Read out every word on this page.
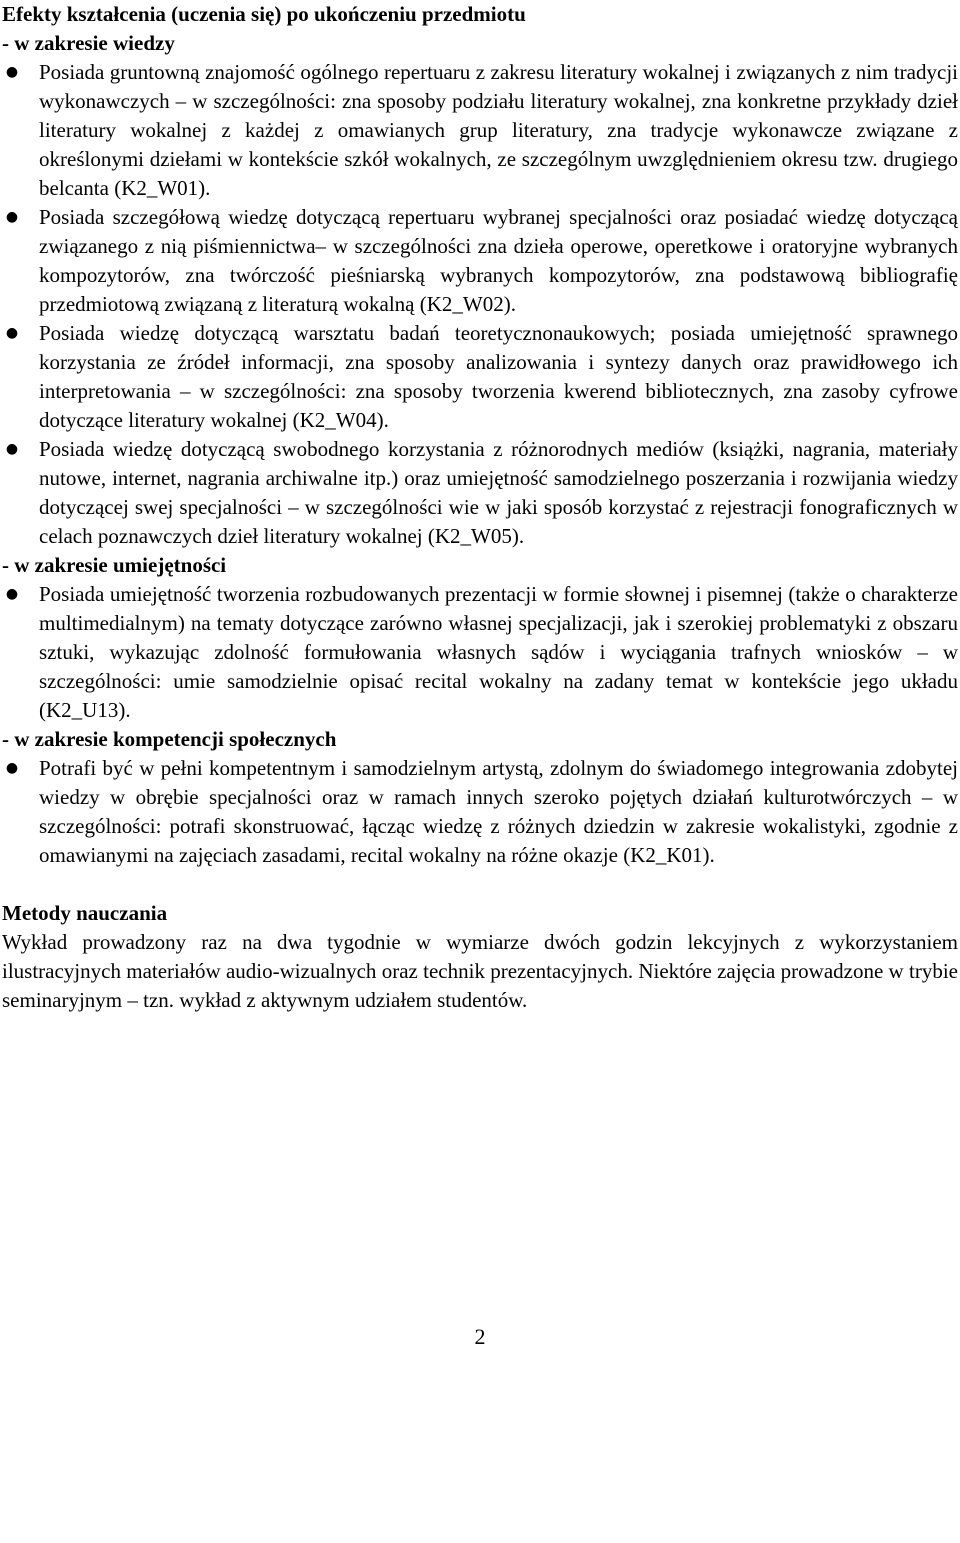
Efekty kształcenia (uczenia się) po ukończeniu przedmiotu
- w zakresie wiedzy
● Posiada gruntowną znajomość ogólnego repertuaru z zakresu literatury wokalnej i związanych z nim tradycji wykonawczych – w szczególności: zna sposoby podziału literatury wokalnej, zna konkretne przykłady dzieł literatury wokalnej z każdej z omawianych grup literatury, zna tradycje wykonawcze związane z określonymi dziełami w kontekście szkół wokalnych, ze szczególnym uwzględnieniem okresu tzw. drugiego belcanta (K2_W01).
● Posiada szczegółową wiedzę dotyczącą repertuaru wybranej specjalności oraz posiadać wiedzę dotyczącą związanego z nią piśmiennictwa– w szczególności zna dzieła operowe, operetkowe i oratoryjne wybranych kompozytorów, zna twórczość pieśniarską wybranych kompozytorów, zna podstawową bibliografię przedmiotową związaną z literaturą wokalną (K2_W02).
● Posiada wiedzę dotyczącą warsztatu badań teoretycznonaukowych; posiada umiejętność sprawnego korzystania ze źródeł informacji, zna sposoby analizowania i syntezy danych oraz prawidłowego ich interpretowania – w szczególności: zna sposoby tworzenia kwerend bibliotecznych, zna zasoby cyfrowe dotyczące literatury wokalnej (K2_W04).
● Posiada wiedzę dotyczącą swobodnego korzystania z różnorodnych mediów (książki, nagrania, materiały nutowe, internet, nagrania archiwalne itp.) oraz umiejętność samodzielnego poszerzania i rozwijania wiedzy dotyczącej swej specjalności – w szczególności wie w jaki sposób korzystać z rejestracji fonograficznych w celach poznawczych dzieł literatury wokalnej (K2_W05).
- w zakresie umiejętności
● Posiada umiejętność tworzenia rozbudowanych prezentacji w formie słownej i pisemnej (także o charakterze multimedialnym) na tematy dotyczące zarówno własnej specjalizacji, jak i szerokiej problematyki z obszaru sztuki, wykazując zdolność formułowania własnych sądów i wyciągania trafnych wniosków – w szczególności: umie samodzielnie opisać recital wokalny na zadany temat w kontekście jego układu (K2_U13).
- w zakresie kompetencji społecznych
● Potrafi być w pełni kompetentnym i samodzielnym artystą, zdolnym do świadomego integrowania zdobytej wiedzy w obrębie specjalności oraz w ramach innych szeroko pojętych działań kulturotwórczych – w szczególności: potrafi skonstruować, łącząc wiedzę z różnych dziedzin w zakresie wokalistyki, zgodnie z omawianymi na zajęciach zasadami, recital wokalny na różne okazje (K2_K01).
Metody nauczania

Wykład prowadzony raz na dwa tygodnie w wymiarze dwóch godzin lekcyjnych z wykorzystaniem ilustracyjnych materiałów audio-wizualnych oraz technik prezentacyjnych. Niektóre zajęcia prowadzone w trybie seminaryjnym – tzn. wykład z aktywnym udziałem studentów.

2
